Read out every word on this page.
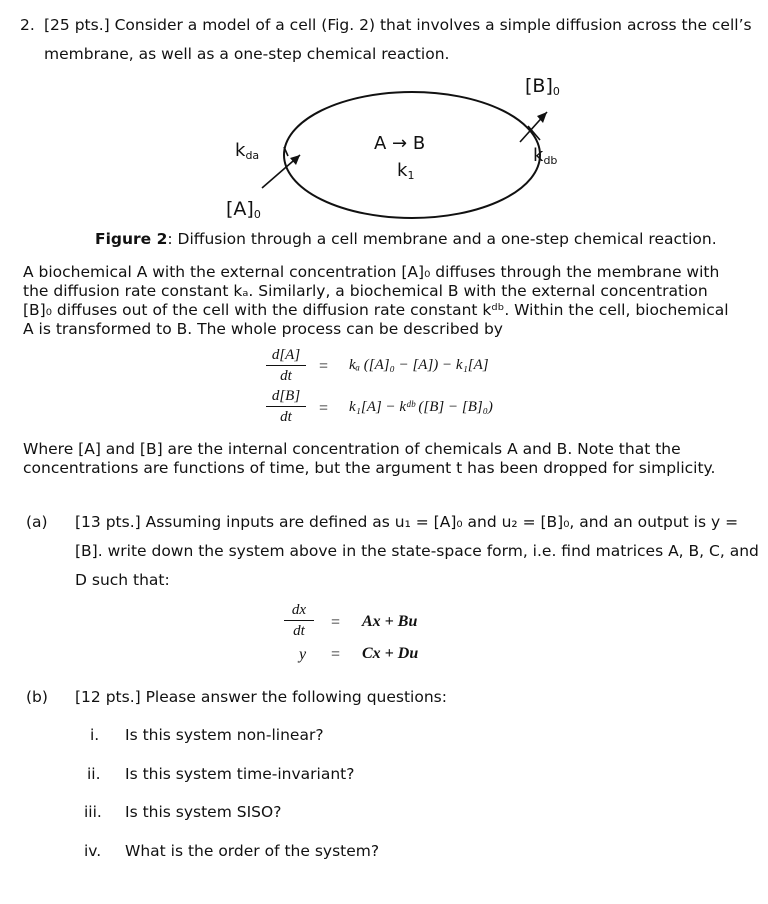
2. [25 pts.] Consider a model of a cell (Fig. 2) that involves a simple diffusion across the cell’s
membrane, as well as a one-step chemical reaction.
$[B]_0$
$k_{da}$
A → B
$k_1$
$k_{db}$
$[A]_0$
Figure 2: Diffusion through a cell membrane and a one-step chemical reaction.
A biochemical A with the external concentration [A]₀ diffuses through the membrane with
the diffusion rate constant kₐ. Similarly, a biochemical B with the external concentration
[B]₀ diffuses out of the cell with the diffusion rate constant kᵈᵇ. Within the cell, biochemical
A is transformed to B. The whole process can be described by
d[A]
dt
= kₐ ([A]₀ − [A]) − k₁[A]
d[B]
dt	= k₁[A] − kᵈᵇ ([B] − [B]₀)
Where [A] and [B] are the internal concentration of chemicals A and B. Note that the
concentrations are functions of time, but the argument t has been dropped for simplicity.
(a) [13 pts.] Assuming inputs are defined as u₁ = [A]₀ and u₂ = [B]₀, and an output is y =
[B]. write down the system above in the state-space form, i.e. find matrices A, B, C, and
D such that:
dx
dt	= Ax + Bu
y = Cx + Du
(b) [12 pts.] Please answer the following questions:
i. Is this system non-linear?
ii. Is this system time-invariant?
iii. Is this system SISO?
iv. What is the order of the system?
